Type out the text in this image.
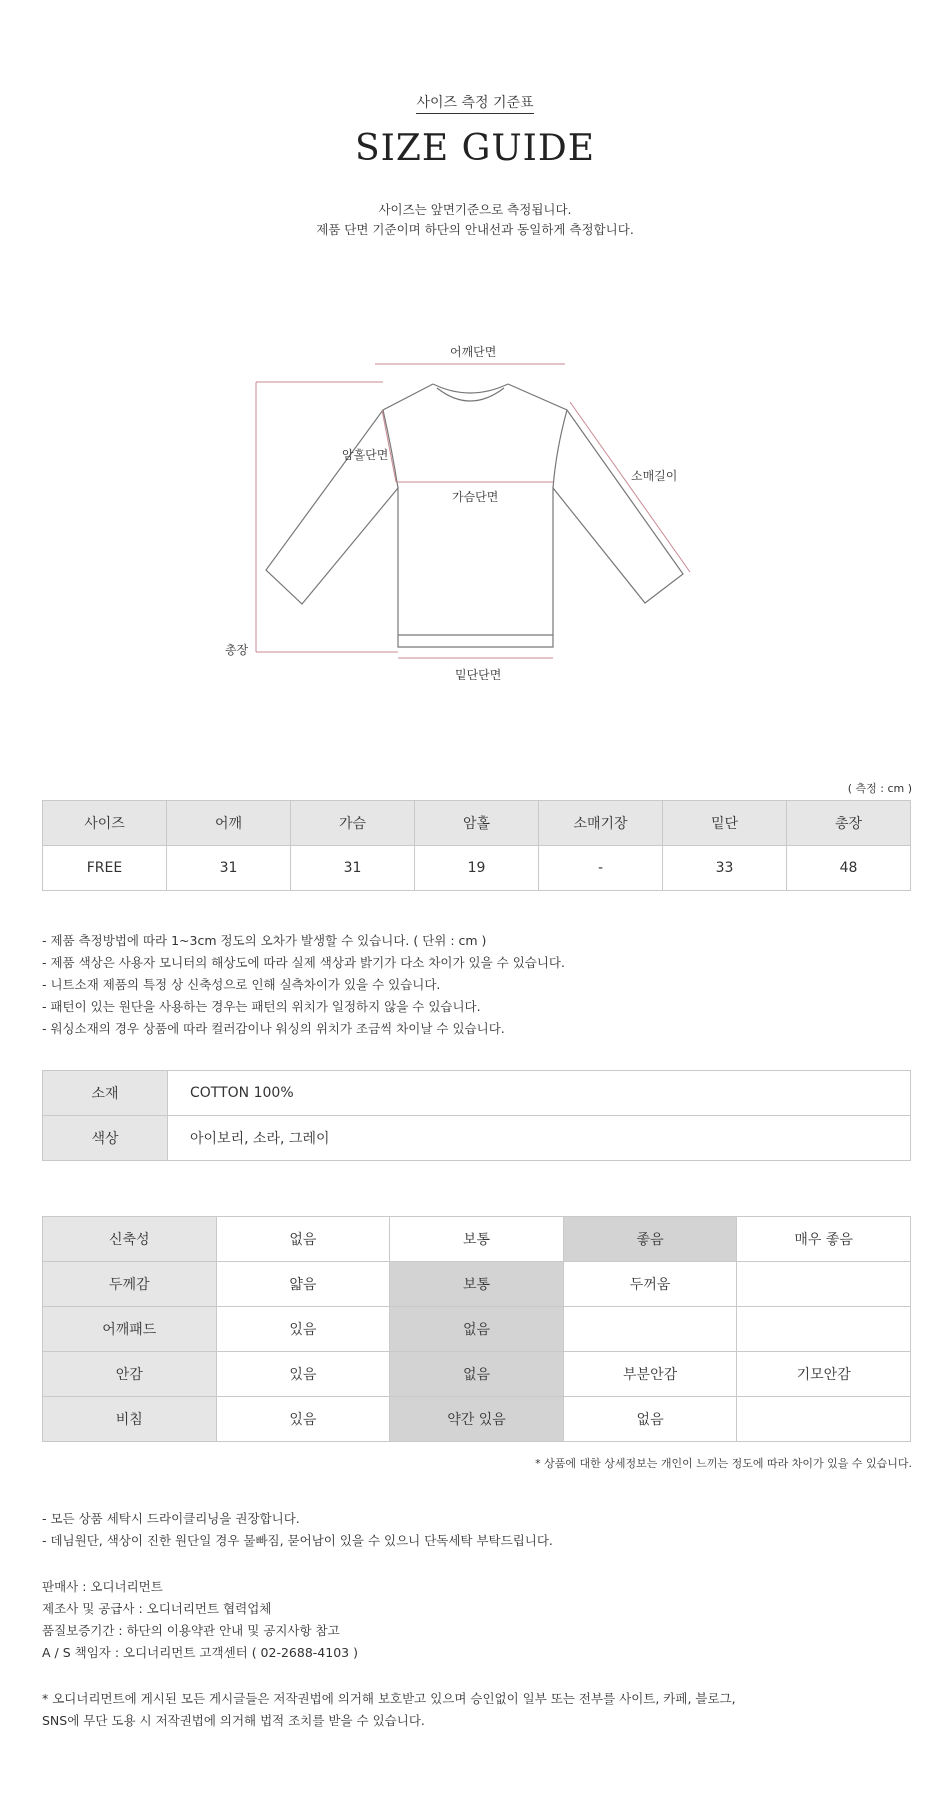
사이즈 측정 기준표
SIZE GUIDE
사이즈는 앞면기준으로 측정됩니다.
제품 단면 기준이며 하단의 안내선과 동일하게 측정합니다.
어깨단면
암홀단면
가슴단면
소매길이
총장
밑단단면
( 측정 : cm )
사이즈	어깨	가슴	암홀	소매기장	밑단	총장
FREE	31	31	19	-	33	48
- 제품 측정방법에 따라 1~3cm 정도의 오차가 발생할 수 있습니다. ( 단위 : cm )
- 제품 색상은 사용자 모니터의 해상도에 따라 실제 색상과 밝기가 다소 차이가 있을 수 있습니다.
- 니트소재 제품의 특정 상 신축성으로 인해 실측차이가 있을 수 있습니다.
- 패턴이 있는 원단을 사용하는 경우는 패턴의 위치가 일정하지 않을 수 있습니다.
- 워싱소재의 경우 상품에 따라 컬러감이나 워싱의 위치가 조금씩 차이날 수 있습니다.
소재	COTTON 100%
색상	아이보리, 소라, 그레이
신축성	없음	보통	좋음	매우 좋음
두께감	얇음	보통	두꺼움	
어깨패드	있음	없음		
안감	있음	없음	부분안감	기모안감
비침	있음	약간 있음	없음	
* 상품에 대한 상세정보는 개인이 느끼는 정도에 따라 차이가 있을 수 있습니다.
- 모든 상품 세탁시 드라이클리닝을 권장합니다.
- 데님원단, 색상이 진한 원단일 경우 물빠짐, 묻어남이 있을 수 있으니 단독세탁 부탁드립니다.
판매사 : 오디너리먼트
제조사 및 공급사 : 오디너리먼트 협력업체
품질보증기간 : 하단의 이용약관 안내 및 공지사항 참고
A / S 책임자 : 오디너리먼트 고객센터 ( 02-2688-4103 )
* 오디너리먼트에 게시된 모든 게시글들은 저작권법에 의거해 보호받고 있으며 승인없이 일부 또는 전부를 사이트, 카페, 블로그,
SNS에 무단 도용 시 저작권법에 의거해 법적 조치를 받을 수 있습니다.
